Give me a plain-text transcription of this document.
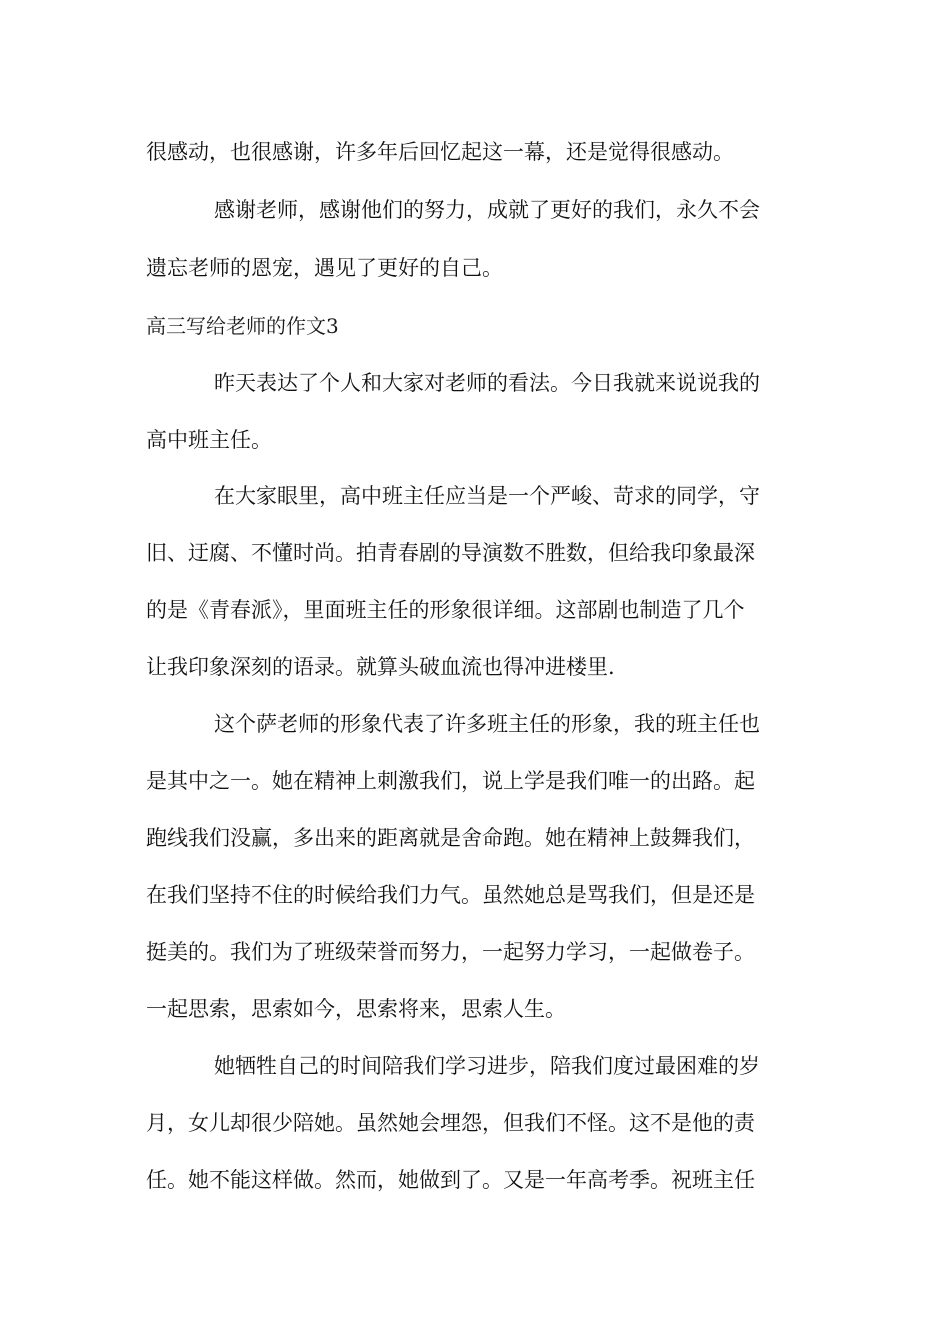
很感动，也很感谢，许多年后回忆起这一幕，还是觉得很感动。
感谢老师，感谢他们的努力，成就了更好的我们，永久不会
遗忘老师的恩宠，遇见了更好的自己。
高三写给老师的作文3
昨天表达了个人和大家对老师的看法。今日我就来说说我的
高中班主任。
在大家眼里，高中班主任应当是一个严峻、苛求的同学，守
旧、迂腐、不懂时尚。拍青春剧的导演数不胜数，但给我印象最深
的是《青春派》，里面班主任的形象很详细。这部剧也制造了几个
让我印象深刻的语录。就算头破血流也得冲进楼里.
这个萨老师的形象代表了许多班主任的形象，我的班主任也
是其中之一。她在精神上刺激我们，说上学是我们唯一的出路。起
跑线我们没赢，多出来的距离就是舍命跑。她在精神上鼓舞我们，
在我们坚持不住的时候给我们力气。虽然她总是骂我们，但是还是
挺美的。我们为了班级荣誉而努力，一起努力学习，一起做卷子。
一起思索，思索如今，思索将来，思索人生。
她牺牲自己的时间陪我们学习进步，陪我们度过最困难的岁
月，女儿却很少陪她。虽然她会埋怨，但我们不怪。这不是他的责
任。她不能这样做。然而，她做到了。又是一年高考季。祝班主任
